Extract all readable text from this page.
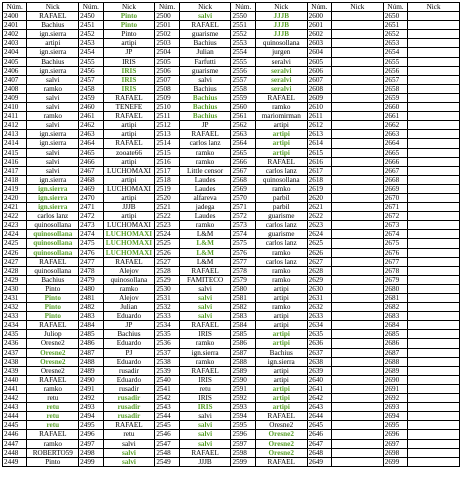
Núm.	Nick	Núm.	Nick	Núm.	Nick	Núm.	Nick	Núm.	Nick	Núm.	Nick
2400	RAFAEL	2450	Pinto	2500	salvi	2550	JJJB	2600		2650	
2401	Bachius	2451	Pinto	2501	RAFAEL	2551	JJJB	2601		2651	
2402	ign.sierra	2452	Pinto	2502	guarisme	2552	JJJB	2602		2652	
2403	artipi	2453	artipi	2503	Bachius	2553	quinosollana	2603		2653	
2404	ign.sierra	2454	JP	2504	Julian	2554	jurgen	2604		2654	
2405	Bachius	2455	IRIS	2505	Farfutti	2555	seralvi	2605		2655	
2406	ign.sierra	2456	IRIS	2506	guarisme	2556	seralvi	2606		2656	
2407	salvi	2457	IRIS	2507	salvi	2557	seralvi	2607		2657	
2408	ramko	2458	IRIS	2508	Bachius	2558	seralvi	2608		2658	
2409	salvi	2459	RAFAEL	2509	Bachius	2559	RAFAEL	2609		2659	
2410	salvi	2460	TENEFE	2510	Bachius	2560	ramko	2610		2660	
2411	ramko	2461	RAFAEL	2511	Bachius	2561	mariomirman	2611		2661	
2412	salvi	2462	artipi	2512	JP	2562	artipi	2612		2662	
2413	ign.sierra	2463	artipi	2513	RAFAEL	2563	artipi	2613		2663	
2414	ign.sierra	2464	RAFAEL	2514	carlos lanz	2564	artipi	2614		2664	
2415	salvi	2465	zooate66	2515	ramko	2565	artipi	2615		2665	
2416	salvi	2466	artipi	2516	ramko	2566	RAFAEL	2616		2666	
2417	salvi	2467	LUCHOMAXI	2517	Little censor	2567	carlos lanz	2617		2667	
2418	ign.sierra	2468	artipi	2518	Laudes	2568	quinosollana	2618		2668	
2419	ign.sierra	2469	LUCHOMAXI	2519	Laudes	2569	ramko	2619		2669	
2420	ign.sierra	2470	artipi	2520	alfareva	2570	parbil	2620		2670	
2421	ign.sierra	2471	JJJB	2521	jadega	2571	parbil	2621		2671	
2422	carlos lanz	2472	artipi	2522	Laudes	2572	guarisme	2622		2672	
2423	quinosollana	2473	LUCHOMAXI	2523	ramko	2573	carlos lanz	2623		2673	
2424	quinosollana	2474	LUCHOMAXI	2524	L&M	2574	guarisme	2624		2674	
2425	quinosollana	2475	LUCHOMAXI	2525	L&M	2575	carlos lanz	2625		2675	
2426	quinosollana	2476	LUCHOMAXI	2526	L&M	2576	ramko	2626		2676	
2427	RAFAEL	2477	RAFAEL	2527	L&M	2577	carlos lanz	2627		2677	
2428	quinosollana	2478	Alejov	2528	RAFAEL	2578	ramko	2628		2678	
2429	Bachius	2479	quinosollana	2529	FAMITECO	2579	ramko	2629		2679	
2430	Pinto	2480	ramko	2530	salvi	2580	artipi	2630		2680	
2431	Pinto	2481	Alejov	2531	salvi	2581	artipi	2631		2681	
2432	Pinto	2482	Julian	2532	salvi	2582	ramko	2632		2682	
2433	Pinto	2483	Eduardo	2533	salvi	2583	artipi	2633		2683	
2434	RAFAEL	2484	JP	2534	RAFAEL	2584	artipi	2634		2684	
2435	Juliop	2485	Bachius	2535	IRIS	2585	artipi	2635		2685	
2436	Oresne2	2486	Eduardo	2536	ramko	2586	artipi	2636		2686	
2437	Oresne2	2487	PJ	2537	ign.sierra	2587	Bachius	2637		2687	
2438	Oresne2	2488	Eduardo	2538	ramko	2588	ign.sierra	2638		2688	
2439	Oresne2	2489	rusadir	2539	RAFAEL	2589	artipi	2639		2689	
2440	RAFAEL	2490	Eduardo	2540	IRIS	2590	artipi	2640		2690	
2441	ramko	2491	rusadir	2541	retu	2591	artipi	2641		2691	
2442	retu	2492	rusadir	2542	IRIS	2592	artipi	2642		2692	
2443	retu	2493	rusadir	2543	IRIS	2593	artipi	2643		2693	
2444	retu	2494	rusadir	2544	salvi	2594	RAFAEL	2644		2694	
2445	retu	2495	RAFAEL	2545	salvi	2595	Oresne2	2645		2695	
2446	RAFAEL	2496	retu	2546	salvi	2596	Oresne2	2646		2696	
2447	ramko	2497	salvi	2547	salvi	2597	Oresne2	2647		2697	
2448	ROBERTO59	2498	salvi	2548	RAFAEL	2598	Oresne2	2648		2698	
2449	Pinto	2499	salvi	2549	JJJB	2599	RAFAEL	2649		2699	
